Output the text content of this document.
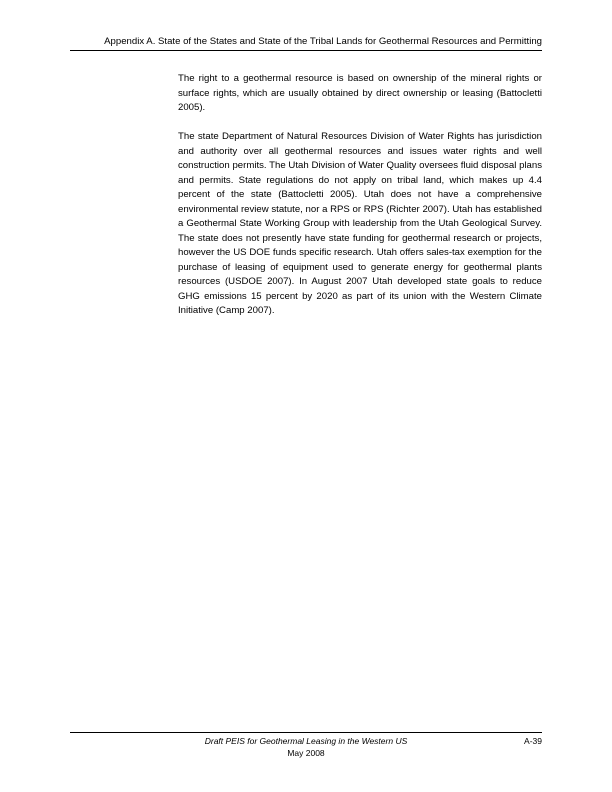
Appendix A. State of the States and State of the Tribal Lands for Geothermal Resources and Permitting

The right to a geothermal resource is based on ownership of the mineral rights or surface rights, which are usually obtained by direct ownership or leasing (Battocletti 2005).

The state Department of Natural Resources Division of Water Rights has jurisdiction and authority over all geothermal resources and issues water rights and well construction permits. The Utah Division of Water Quality oversees fluid disposal plans and permits. State regulations do not apply on tribal land, which makes up 4.4 percent of the state (Battocletti 2005). Utah does not have a comprehensive environmental review statute, nor a RPS or RPS (Richter 2007). Utah has established a Geothermal State Working Group with leadership from the Utah Geological Survey. The state does not presently have state funding for geothermal research or projects, however the US DOE funds specific research. Utah offers sales-tax exemption for the purchase of leasing of equipment used to generate energy for geothermal plants resources (USDOE 2007). In August 2007 Utah developed state goals to reduce GHG emissions 15 percent by 2020 as part of its union with the Western Climate Initiative (Camp 2007).

Draft PEIS for Geothermal Leasing in the Western US
May 2008
A-39
